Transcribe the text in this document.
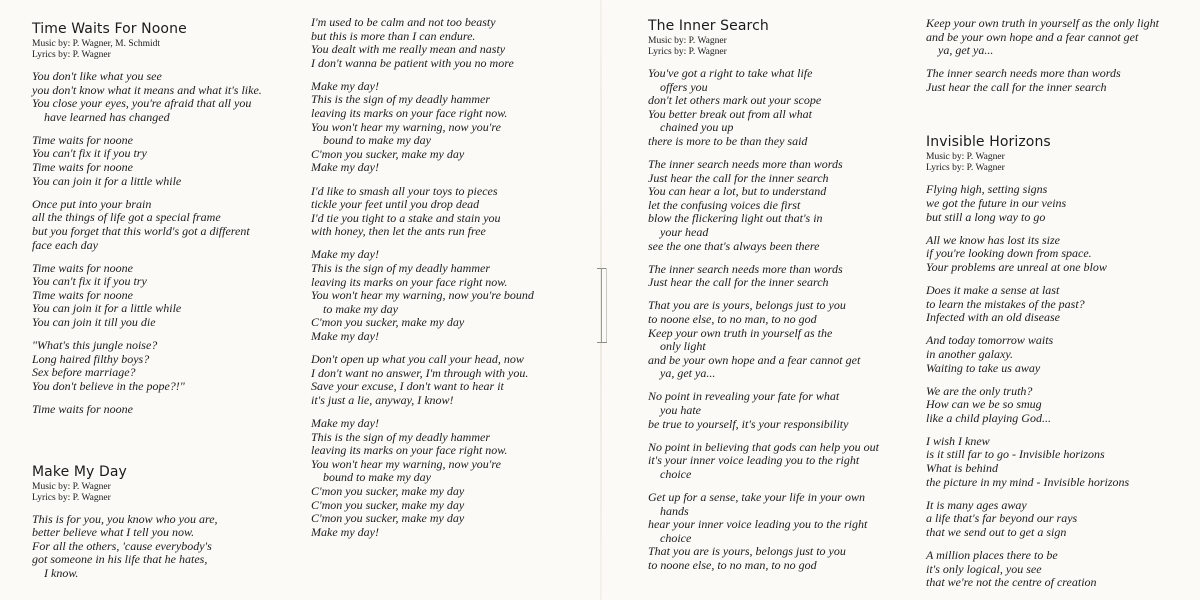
Time Waits For Noone
Music by: P. Wagner, M. Schmidt
Lyrics by: P. Wagner
You don't like what you see
you don't know what it means and what it's like.
You close your eyes, you're afraid that all you
have learned has changed
Time waits for noone
You can't fix it if you try
Time waits for noone
You can join it for a little while
Once put into your brain
all the things of life got a special frame
but you forget that this world's got a different
face each day
Time waits for noone
You can't fix it if you try
Time waits for noone
You can join it for a little while
You can join it till you die
"What's this jungle noise?
Long haired filthy boys?
Sex before marriage?
You don't believe in the pope?!"
Time waits for noone
Make My Day
Music by: P. Wagner
Lyrics by: P. Wagner
This is for you, you know who you are,
better believe what I tell you now.
For all the others, 'cause everybody's
got someone in his life that he hates,
I know.
I'm used to be calm and not too beasty
but this is more than I can endure.
You dealt with me really mean and nasty
I don't wanna be patient with you no more
Make my day!
This is the sign of my deadly hammer
leaving its marks on your face right now.
You won't hear my warning, now you're
bound to make my day
C'mon you sucker, make my day
Make my day!
I'd like to smash all your toys to pieces
tickle your feet until you drop dead
I'd tie you tight to a stake and stain you
with honey, then let the ants run free
Make my day!
This is the sign of my deadly hammer
leaving its marks on your face right now.
You won't hear my warning, now you're bound
to make my day
C'mon you sucker, make my day
Make my day!
Don't open up what you call your head, now
I don't want no answer, I'm through with you.
Save your excuse, I don't want to hear it
it's just a lie, anyway, I know!
Make my day!
This is the sign of my deadly hammer
leaving its marks on your face right now.
You won't hear my warning, now you're
bound to make my day
C'mon you sucker, make my day
C'mon you sucker, make my day
C'mon you sucker, make my day
Make my day!
The Inner Search
Music by: P. Wagner
Lyrics by: P. Wagner
You've got a right to take what life
offers you
don't let others mark out your scope
You better break out from all what
chained you up
there is more to be than they said
The inner search needs more than words
Just hear the call for the inner search
You can hear a lot, but to understand
let the confusing voices die first
blow the flickering light out that's in
your head
see the one that's always been there
The inner search needs more than words
Just hear the call for the inner search
That you are is yours, belongs just to you
to noone else, to no man, to no god
Keep your own truth in yourself as the
only light
and be your own hope and a fear cannot get
ya, get ya...
No point in revealing your fate for what
you hate
be true to yourself, it's your responsibility
No point in believing that gods can help you out
it's your inner voice leading you to the right
choice
Get up for a sense, take your life in your own
hands
hear your inner voice leading you to the right
choice
That you are is yours, belongs just to you
to noone else, to no man, to no god
Keep your own truth in yourself as the only light
and be your own hope and a fear cannot get
ya, get ya...
The inner search needs more than words
Just hear the call for the inner search
Invisible Horizons
Music by: P. Wagner
Lyrics by: P. Wagner
Flying high, setting signs
we got the future in our veins
but still a long way to go
All we know has lost its size
if you're looking down from space.
Your problems are unreal at one blow
Does it make a sense at last
to learn the mistakes of the past?
Infected with an old disease
And today tomorrow waits
in another galaxy.
Waiting to take us away
We are the only truth?
How can we be so smug
like a child playing God...
I wish I knew
is it still far to go - Invisible horizons
What is behind
the picture in my mind - Invisible horizons
It is many ages away
a life that's far beyond our rays
that we send out to get a sign
A million places there to be
it's only logical, you see
that we're not the centre of creation
